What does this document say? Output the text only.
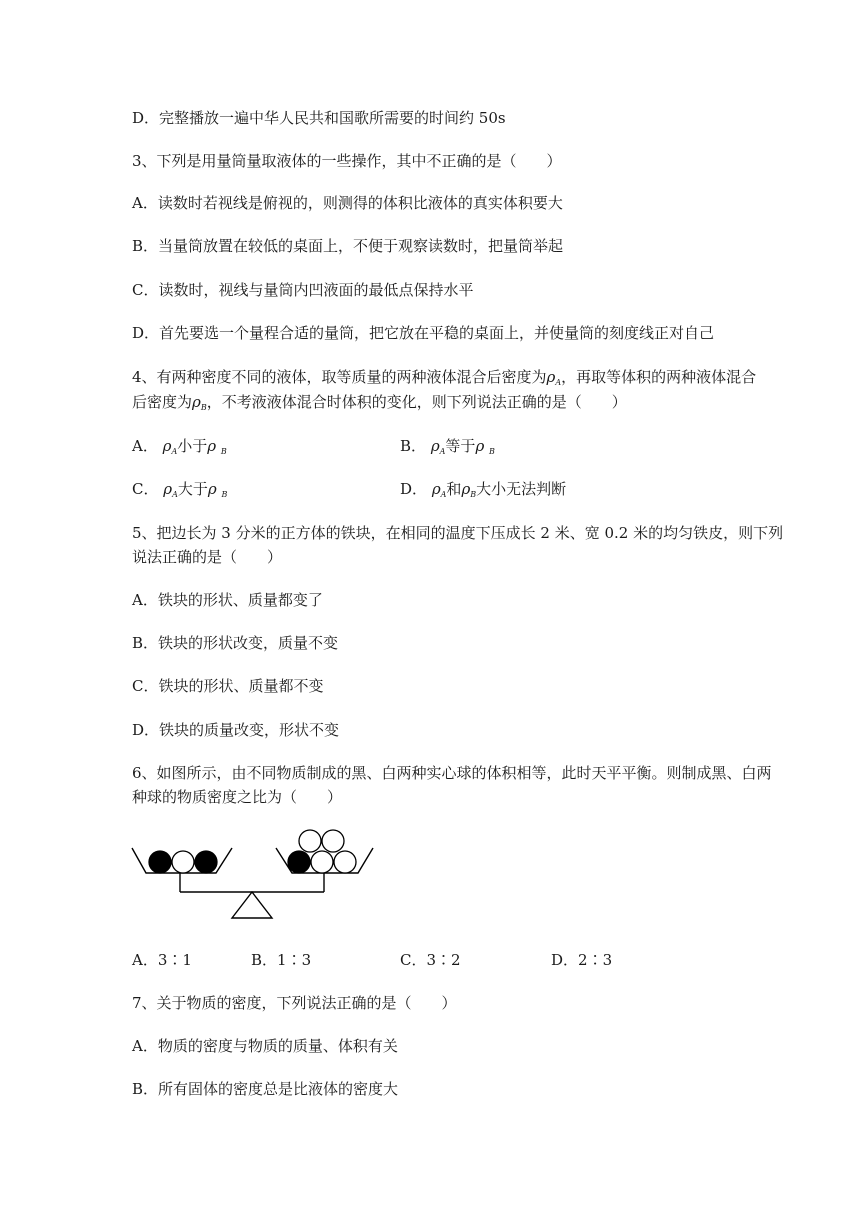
D．完整播放一遍中华人民共和国歌所需要的时间约 50s
3、下列是用量筒量取液体的一些操作，其中不正确的是（　　）
A．读数时若视线是俯视的，则测得的体积比液体的真实体积要大
B．当量筒放置在较低的桌面上，不便于观察读数时，把量筒举起
C．读数时，视线与量筒内凹液面的最低点保持水平
D．首先要选一个量程合适的量筒，把它放在平稳的桌面上，并使量筒的刻度线正对自己
4、有两种密度不同的液体，取等质量的两种液体混合后密度为$\rho_A$，再取等体积的两种液体混合
后密度为$\rho_B$，不考液液体混合时体积的变化，则下列说法正确的是（　　）
A． $\rho_A$小于ρ $_B$	B． $\rho_A$等于ρ $_B$
C． $\rho_A$大于ρ $_B$	D． $\rho_A$和$\rho_B$大小无法判断
5、把边长为 3 分米的正方体的铁块，在相同的温度下压成长 2 米、宽 0.2 米的均匀铁皮，则下列
说法正确的是（　　）
A．铁块的形状、质量都变了
B．铁块的形状改变，质量不变
C．铁块的形状、质量都不变
D．铁块的质量改变，形状不变
6、如图所示，由不同物质制成的黑、白两种实心球的体积相等，此时天平平衡。则制成黑、白两
种球的物质密度之比为（　　）
A．3∶1	B．1∶3	C．3∶2	D．2∶3
7、关于物质的密度，下列说法正确的是（　　）
A．物质的密度与物质的质量、体积有关
B．所有固体的密度总是比液体的密度大
